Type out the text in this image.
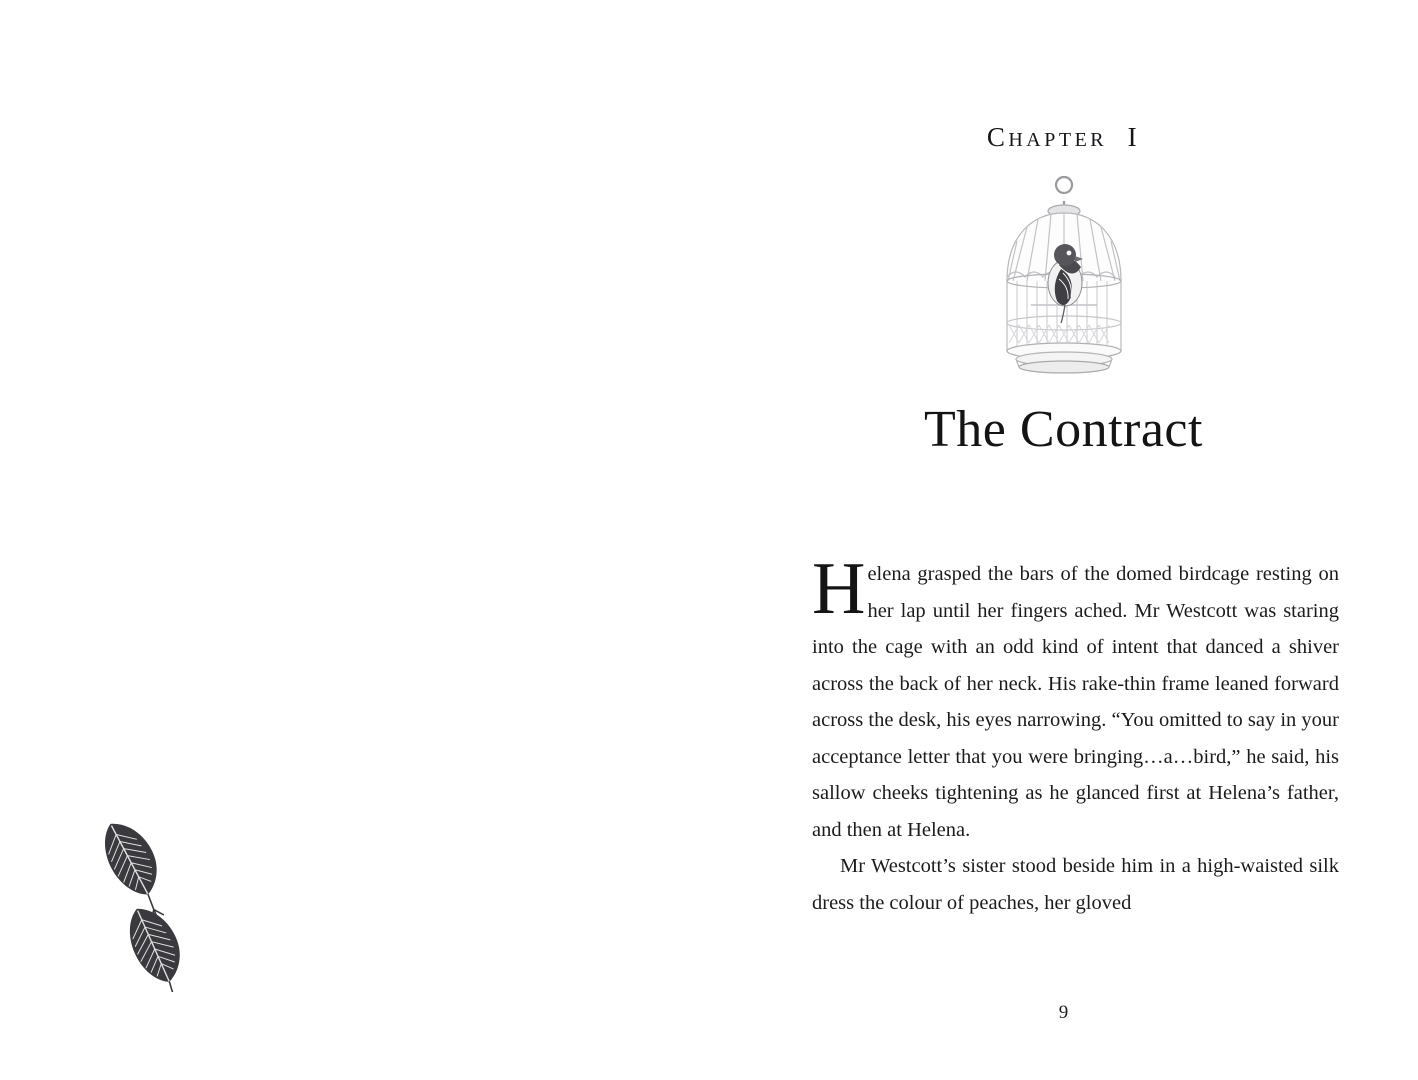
CHAPTER I
The Contract

Helena grasped the bars of the domed birdcage resting on her lap until her fingers ached. Mr Westcott was staring into the cage with an odd kind of intent that danced a shiver across the back of her neck. His rake-thin frame leaned forward across the desk, his eyes narrowing. “You omitted to say in your acceptance letter that you were bringing…a…bird,” he said, his sallow cheeks tightening as he glanced first at Helena’s father, and then at Helena.

Mr Westcott’s sister stood beside him in a high-waisted silk dress the colour of peaches, her gloved

9
